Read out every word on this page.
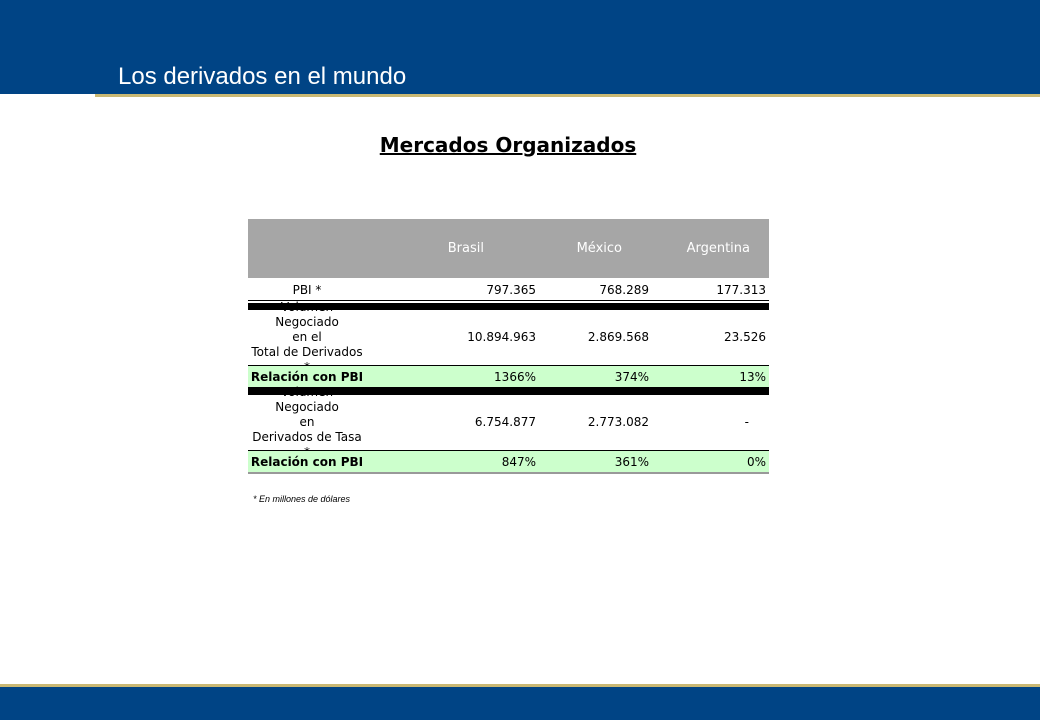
Los derivados en el mundo
Mercados Organizados
Brasil	México	Argentina
PBI *	797.365	768.289	177.313
Volumen Negociado
en el
Total de Derivados
10.894.963	2.869.568	23.526
Relación con PBI	1366%	374%	13%
Volumen Negociado
en
Derivados de Tasa
6.754.877	2.773.082	-
Relación con PBI	847%	361%	0%
* En millones de dólares
